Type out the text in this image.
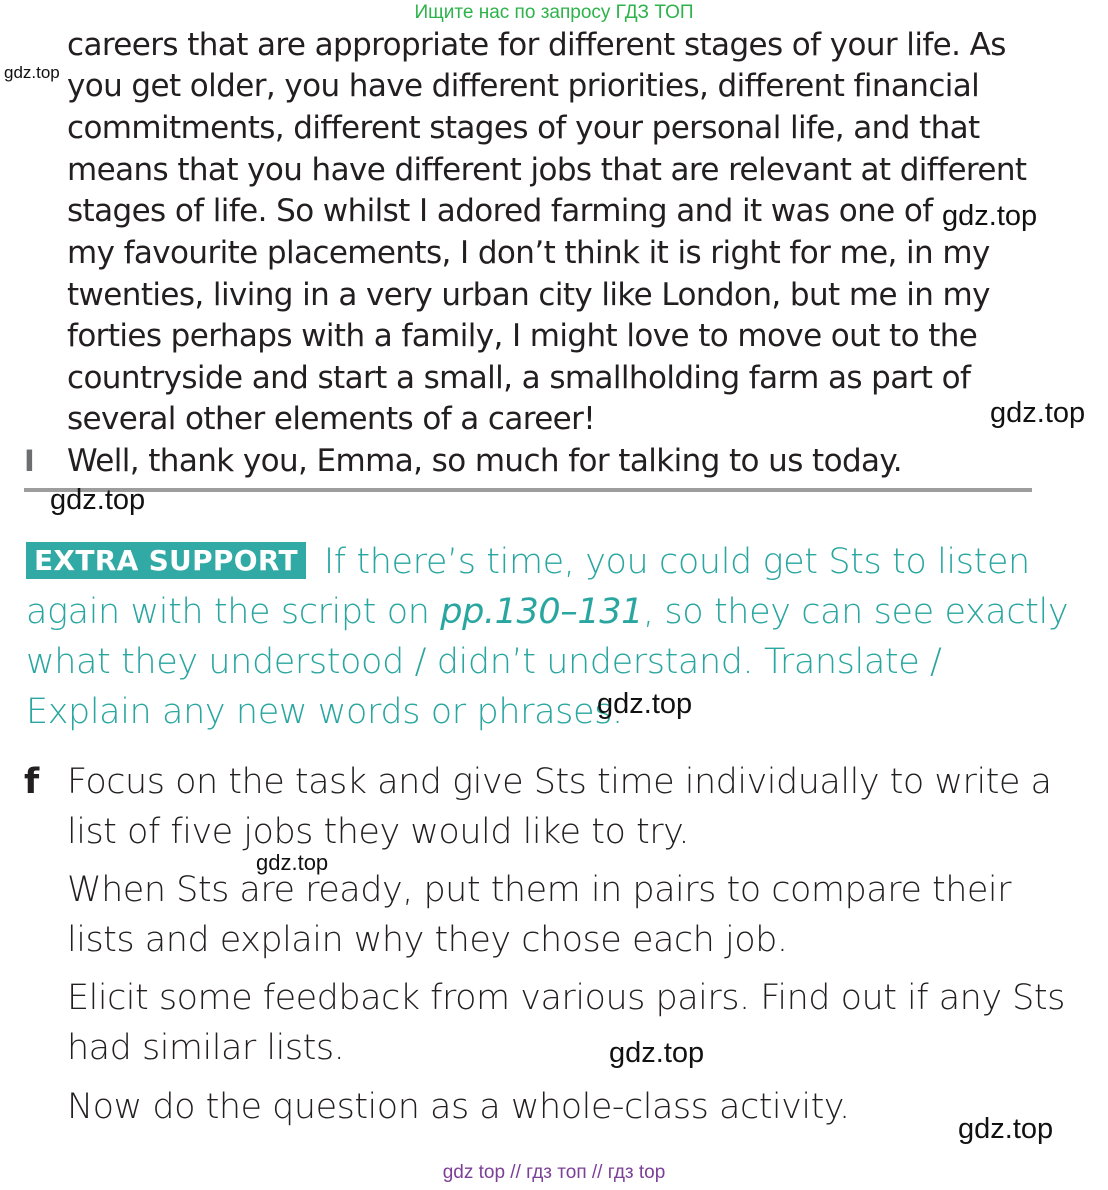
Ищите нас по запросу ГДЗ ТОП
gdz.top
careers that are appropriate for different stages of your life. As
you get older, you have different priorities, different financial
commitments, different stages of your personal life, and that
means that you have different jobs that are relevant at different
stages of life. So whilst I adored farming and it was one of
my favourite placements, I don’t think it is right for me, in my
twenties, living in a very urban city like London, but me in my
forties perhaps with a family, I might love to move out to the
countryside and start a small, a smallholding farm as part of
several other elements of a career!
gdz.top
gdz.top
I Well, thank you, Emma, so much for talking to us today.
gdz.top
EXTRA SUPPORT If there’s time, you could get Sts to listen
again with the script on pp.130–131, so they can see exactly
what they understood / didn’t understand. Translate /
Explain any new words or phrases.
gdz.top
f Focus on the task and give Sts time individually to write a
list of five jobs they would like to try.
When Sts are ready, put them in pairs to compare their
lists and explain why they chose each job.
Elicit some feedback from various pairs. Find out if any Sts
had similar lists.
Now do the question as a whole-class activity.
gdz.top
gdz.top
gdz.top
gdz top // гдз топ // гдз top
